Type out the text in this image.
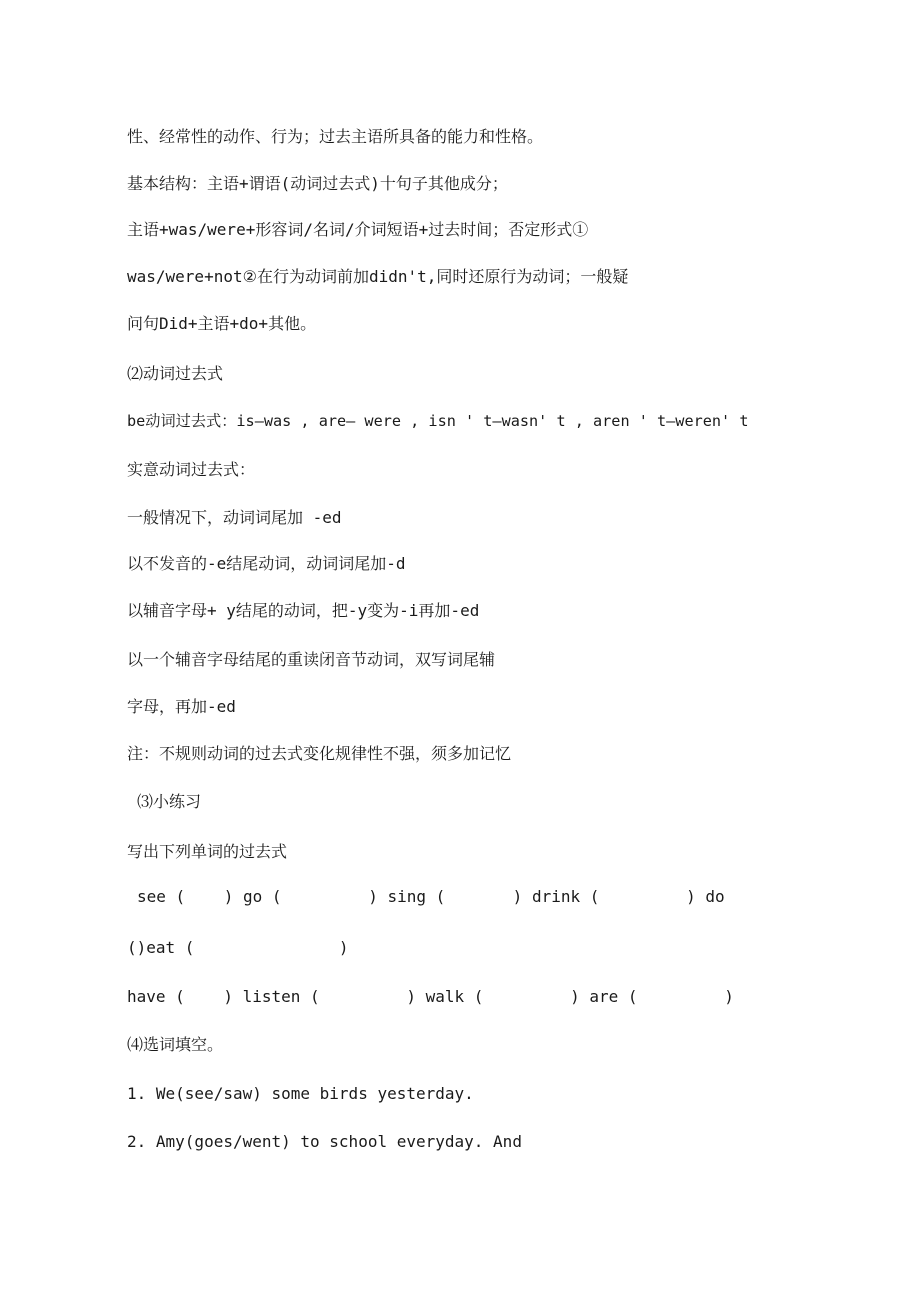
性、经常性的动作、行为；过去主语所具备的能力和性格。
基本结构：主语+谓语(动词过去式)十句子其他成分；
主语+was/were+形容词/名词/介词短语+过去时间；否定形式①
was/were+not②在行为动词前加didn't,同时还原行为动词；一般疑
问句Did+主语+do+其他。
⑵动词过去式
be动词过去式：is—was , are— were , isn ' t—wasn' t , aren ' t—weren' t
实意动词过去式：
一般情况下，动词词尾加 -ed
以不发音的-e结尾动词，动词词尾加-d
以辅音字母+ y结尾的动词，把-y变为-i再加-ed
以一个辅音字母结尾的重读闭音节动词，双写词尾辅
字母，再加-ed
注：不规则动词的过去式变化规律性不强，须多加记忆
⑶小练习
写出下列单词的过去式
see (    ) go (         ) sing (       ) drink (         ) do
()eat (               )
have (    ) listen (         ) walk (         ) are (         )
⑷选词填空。
1. We(see/saw) some birds yesterday.
2. Amy(goes/went) to school everyday. And
